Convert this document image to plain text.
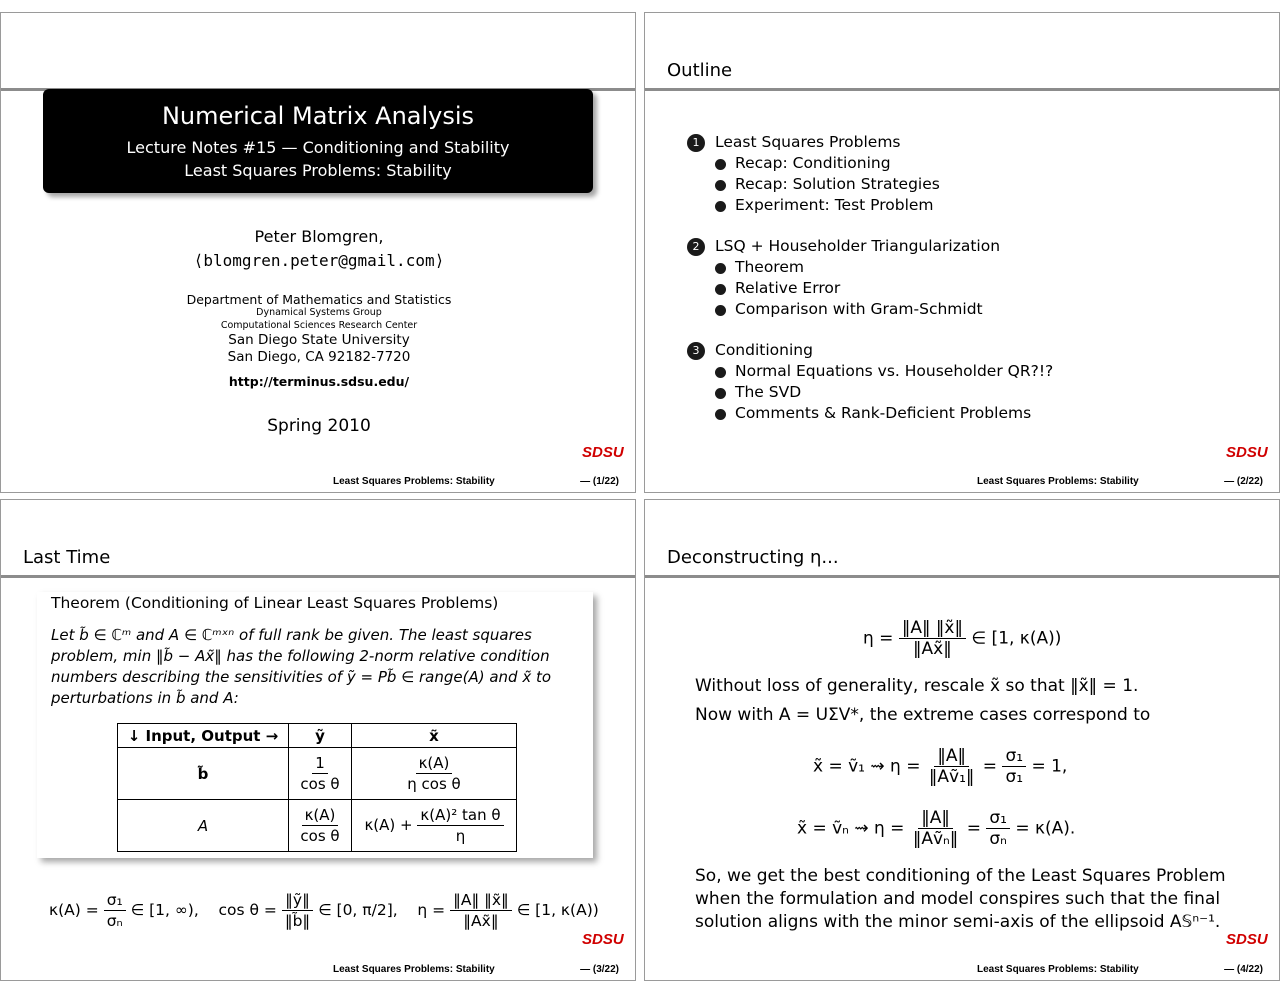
Numerical Matrix Analysis
Lecture Notes #15 — Conditioning and Stability
Least Squares Problems: Stability
Peter Blomgren,
⟨blomgren.peter@gmail.com⟩
Department of Mathematics and Statistics
Dynamical Systems Group
Computational Sciences Research Center
San Diego State University
San Diego, CA 92182-7720
http://terminus.sdsu.edu/
Spring 2010
SDSU
Least Squares Problems: Stability	— (1/22)
Outline
1	Least Squares Problems
Recap: Conditioning
Recap: Solution Strategies
Experiment: Test Problem
2	LSQ + Householder Triangularization
Theorem
Relative Error
Comparison with Gram-Schmidt
3	Conditioning
Normal Equations vs. Householder QR?!?
The SVD
Comments & Rank-Deficient Problems
SDSU
Least Squares Problems: Stability	— (2/22)
Last Time
Theorem (Conditioning of Linear Least Squares Problems)
Let b̃ ∈ ℂᵐ and A ∈ ℂᵐˣⁿ of full rank be given. The least squares
problem, min ‖b̃ − Ax̃‖ has the following 2-norm relative condition
numbers describing the sensitivities of ỹ = Pb̃ ∈ range(A) and x̃ to
perturbations in b̃ and A:
↓ Input, Output →	ỹ	x̃
b̃	$\frac{1}{\text{cos θ}}$	$\frac{\kappa(A)}{\text{η cos θ}}$

A	$\frac{\kappa(A)}{\text{cos θ}}$	$\kappa(A) + \frac{\text{κ(A)² tan θ}}{\eta}$
$\kappa(A) = \frac{\text{σ₁}}{\text{σₙ}}$ ∈ [1, ∞), $\cos \theta = \frac{\text{‖ỹ‖}}{‖b̃‖}$ ∈ [0, π/2], $\eta = \frac{‖A‖ ‖x̃‖}{‖Ax̃‖}$ ∈ [1, κ(A))
SDSU
Least Squares Problems: Stability	— (3/22)
Deconstructing η...
$\eta = \frac{‖A‖ ‖x̃‖}{‖Ax̃‖}$ ∈ [1, κ(A))
Without loss of generality, rescale x̃ so that ‖x̃‖ = 1.
Now with A = UΣV*, the extreme cases correspond to
x̃ = ṽ₁ ⇝ $\eta = \frac{‖A‖}{\text{‖Aṽ₁‖}} = \frac{\text{σ₁}}{\text{σ₁}} = 1$,
x̃ = ṽₙ ⇝ $\eta = \frac{‖A‖}{\text{‖Aṽₙ‖}} = \frac{\text{σ₁}}{\text{σₙ}} = \kappa(A)$.
So, we get the best conditioning of the Least Squares Problem
when the formulation and model conspires such that the final
solution aligns with the minor semi-axis of the ellipsoid A𝕊ⁿ⁻¹.
SDSU
Least Squares Problems: Stability	— (4/22)
